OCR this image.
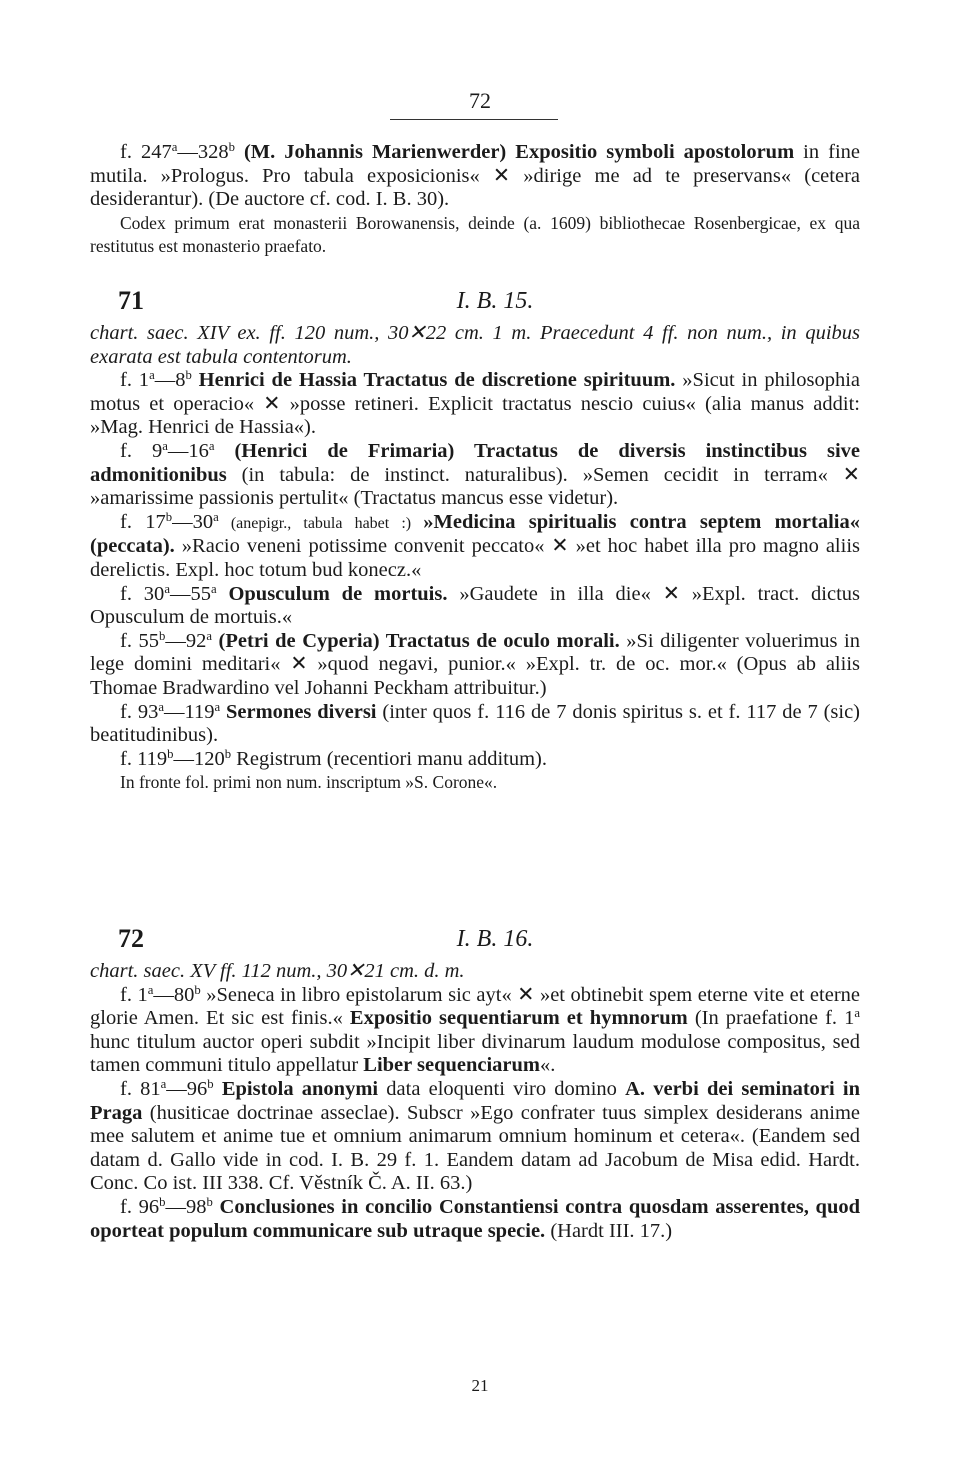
72

f. 247$^a$—328$^b$ (M. Johannis Marienwerder) Expositio symboli apostolorum in fine mutila. »Prologus. Pro tabula exposicionis« ✕ »dirige me ad te preservans« (cetera desiderantur). (De auctore cf. cod. I. B. 30).

Codex primum erat monasterii Borowanensis, deinde (a. 1609) bibliothecae Rosenbergicae, ex qua restitutus est monasterio praefato.

71	I. B. 15.

chart. saec. XIV ex. ff. 120 num., 30✕22 cm. 1 m. Praecedunt 4 ff. non num., in quibus exarata est tabula contentorum.

f. 1$^a$—8$^b$ Henrici de Hassia Tractatus de discretione spirituum. »Sicut in philosophia motus et operacio« ✕ »posse retineri. Explicit tractatus nescio cuius« (alia manus addit: »Mag. Henrici de Hassia«).

f. 9$^a$—16$^a$ (Henrici de Frimaria) Tractatus de diversis instinctibus sive admonitionibus (in tabula: de instinct. naturalibus). »Semen cecidit in terram« ✕ »amarissime passionis pertulit« (Tractatus mancus esse videtur).

f. 17$^b$—30$^a$ (anepigr., tabula habet :) »Medicina spiritualis contra septem mortalia« (peccata). »Racio veneni potissime convenit peccato« ✕ »et hoc habet illa pro magno aliis derelictis. Expl. hoc totum bud konecz.«

f. 30$^a$—55$^a$ Opusculum de mortuis. »Gaudete in illa die« ✕ »Expl. tract. dictus Opusculum de mortuis.«

f. 55$^b$—92$^a$ (Petri de Cyperia) Tractatus de oculo morali. »Si diligenter voluerimus in lege domini meditari« ✕ »quod negavi, punior.« »Expl. tr. de oc. mor.« (Opus ab aliis Thomae Bradwardino vel Johanni Peckham attribuitur.)

f. 93$^a$—119$^a$ Sermones diversi (inter quos f. 116 de 7 donis spiritus s. et f. 117 de 7 (sic) beatitudinibus).

f. 119$^b$—120$^b$ Registrum (recentiori manu additum).

In fronte fol. primi non num. inscriptum »S. Corone«.

72	I. B. 16.

chart. saec. XV ff. 112 num., 30✕21 cm. d. m.

f. 1$^a$—80$^b$ »Seneca in libro epistolarum sic ayt« ✕ »et obtinebit spem eterne vite et eterne glorie Amen. Et sic est finis.« Expositio sequentiarum et hymnorum (In praefatione f. 1$^a$ hunc titulum auctor operi subdit »Incipit liber divinarum laudum modulose compositus, sed tamen communi titulo appellatur Liber sequenciarum«.

f. 81$^a$—96$^b$ Epistola anonymi data eloquenti viro domino A. verbi dei seminatori in Praga (husiticae doctrinae asseclae). Subscr »Ego confrater tuus simplex desiderans anime mee salutem et anime tue et omnium animarum omnium hominum et cetera«. (Eandem sed datam d. Gallo vide in cod. I. B. 29 f. 1. Eandem datam ad Jacobum de Misa edid. Hardt. Conc. Co ist. III 338. Cf. Věstník Č. A. II. 63.)

f. 96$^b$—98$^b$ Conclusiones in concilio Constantiensi contra quosdam asserentes, quod oporteat populum communicare sub utraque specie. (Hardt III. 17.)

21
